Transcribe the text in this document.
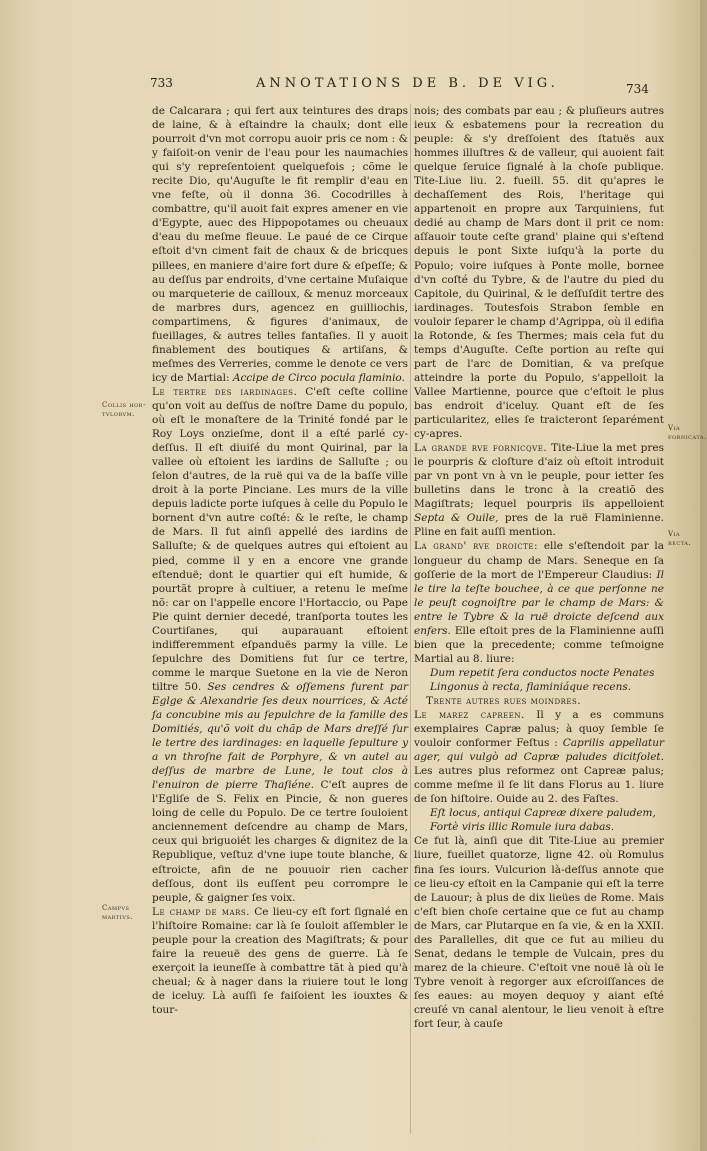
733	ANNOTATIONS DE B. DE VIG.	734
Collis hor-
tvlorvm.
Campvs
martivs.
Via fornicata.
Via recta.

de Calcarara ; qui fert aux teintures des draps de laine, & à eſtaindre la chaulx; dont elle pourroit d'vn mot corropu auoir pris ce nom : & y faiſoit-on venir de l'eau pour les naumachies qui s'y repreſentoient quelquefois ; cõme le recite Dio, qu'Auguſte le fit remplir d'eau en vne feſte, où il donna 36. Cocodrilles à combattre, qu'il auoit fait expres amener en vie d'Egypte, auec des Hippopotames ou cheuaux d'eau du meſme fleuue. Le paué de ce Cirque eſtoit d'vn ciment fait de chaux & de bricques pillees, en maniere d'aire fort dure & eſpeſſe; & au deſſus par endroits, d'vne certaine Muſaique ou marqueterie de cailloux, & menuz morceaux de marbres durs, agencez en guilliochis, compartimens, & figures d'animaux, de fueillages, & autres telles fantaſies. Il y auoit finablement des boutiques & artiſans, & meſmes des Verreries, comme le denote ce vers icy de Martial: Accipe de Circo pocula flaminio.

Le tertre des iardinages. C'eſt ceſte colline qu'on voit au deſſus de noſtre Dame du populo, où eſt le monaſtere de la Trinité fondé par le Roy Loys onzieſme, dont il a eſté parlé cy-deſſus. Il eſt diuiſé du mont Quirinal, par la vallee où eſtoient les iardins de Salluſte ; ou ſelon d'autres, de la ruë qui va de la baſſe ville droit à la porte Pinciane. Les murs de la ville depuis ladicte porte iuſques à celle du Populo le bornent d'vn autre coſté: & le reſte, le champ de Mars. Il fut ainſi appellé des iardins de Salluſte; & de quelques autres qui eſtoient au pied, comme il y en a encore vne grande eſtenduë; dont le quartier qui eſt humide, & pourtãt propre à cultiuer, a retenu le meſme nõ: car on l'appelle encore l'Hortaccio, ou Pape Pie quint dernier decedé, tranſporta toutes les Courtiſanes, qui auparauant eſtoient indifferemment eſpanduës parmy la ville. Le ſepulchre des Domitiens fut ſur ce tertre, comme le marque Suetone en la vie de Neron tiltre 50. Ses cendres & oſſemens furent par Eglge & Alexandrie ſes deux nourrices, & Acté ſa concubine mis au ſepulchre de la famille des Domitiés, qu'õ voit du chãp de Mars dreſſé ſur le tertre des iardinages: en laquelle ſepulture y a vn throſne fait de Porphyre, & vn autel au deſſus de marbre de Lune, le tout clos à l'enuiron de pierre Thaſiéne. C'eſt aupres de l'Egliſe de S. Felix en Pincie, & non gueres loing de celle du Populo. De ce tertre ſouloient anciennement deſcendre au champ de Mars, ceux qui briguoiét les charges & dignitez de la Republique, veſtuz d'vne iupe toute blanche, & eſtroicte, afin de ne pouuoir rien cacher deſſous, dont ils euſſent peu corrompre le peuple, & gaigner ſes voix.

Le champ de mars. Ce lieu-cy eſt fort ſignalé en l'hiſtoire Romaine: car là ſe ſouloit aſſembler le peuple pour la creation des Magiſtrats; & pour faire la reueuë des gens de guerre. Là ſe exerçoit la ieuneſſe à combattre tãt à pied qu'à cheual; & à nager dans la riuiere tout le long de iceluy. Là auſſi ſe faiſoient les iouxtes & tour-

nois; des combats par eau ; & pluſieurs autres ieux & esbatemens pour la recreation du peuple: & s'y dreſſoient des ſtatuës aux hommes illuſtres & de valleur, qui auoient fait quelque ſeruice ſignalé à la choſe publique. Tite-Liue liu. 2. fueill. 55. dit qu'apres le dechaſſement des Rois, l'heritage qui appartenoit en propre aux Tarquiniens, fut dedié au champ de Mars dont il prit ce nom: aſſauoir toute ceſte grand' plaine qui s'eſtend depuis le pont Sixte iuſqu'à la porte du Populo; voire iuſques à Ponte molle, bornee d'vn coſté du Tybre, & de l'autre du pied du Capitole, du Quirinal, & le deſſuſdit tertre des iardinages. Toutesfois Strabon ſemble en vouloir ſeparer le champ d'Agrippa, où il edifia la Rotonde, & ſes Thermes; mais cela fut du temps d'Auguſte. Ceſte portion au reſte qui part de l'arc de Domitian, & va preſque atteindre la porte du Populo, s'appelloit la Vallee Martienne, pource que c'eſtoit le plus bas endroit d'iceluy. Quant eſt de ſes particularitez, elles ſe traicteront ſeparément cy-apres.

La grande rve fornicqve. Tite-Liue la met pres le pourpris & cloſture d'aiz où eſtoit introduit par vn pont vn à vn le peuple, pour ietter ſes bulletins dans le tronc à la creatiõ des Magiſtrats; lequel pourpris ils appelloient Septa & Ouile, pres de la ruë Flaminienne. Pline en fait auſſi mention.

La grand' rve droicte: elle s'eſtendoit par la longueur du champ de Mars. Seneque en ſa goſſerie de la mort de l'Empereur Claudius: Il le tire la teſte bouchee, à ce que perſonne ne le peuſt cognoiſtre par le champ de Mars: & entre le Tybre & la ruë droicte deſcend aux enfers. Elle eſtoit pres de la Flaminienne auſſi bien que la precedente; comme teſmoigne Martial au 8. liure:

Dum repetit ſera conductos nocte Penates

Lingonus à recta, flaminiáque recens.

Trente autres rues moindres.

Le marez capreen. Il y a es communs exemplaires Capræ palus; à quoy ſemble ſe vouloir conformer Feſtus : Caprilis appellatur ager, qui vulgò ad Capræ paludes dicitſolet. Les autres plus reformez ont Capreæ palus; comme meſme il ſe lit dans Florus au 1. liure de ſon hiſtoire. Ouide au 2. des Faſtes.

Eſt locus, antiqui Capreæ dixere paludem,

Fortè viris illic Romule iura dabas.

Ce fut là, ainſi que dit Tite-Liue au premier liure, fueillet quatorze, ligne 42. où Romulus fina ſes iours. Vulcurion là-deſſus annote que ce lieu-cy eſtoit en la Campanie qui eſt la terre de Lauour; à plus de dix lieües de Rome. Mais c'eſt bien choſe certaine que ce fut au champ de Mars, car Plutarque en ſa vie, & en la XXII. des Parallelles, dit que ce fut au milieu du Senat, dedans le temple de Vulcain, pres du marez de la chieure. C'eſtoit vne nouë là où le Tybre venoit à regorger aux eſcroiſſances de ſes eaues: au moyen dequoy y aiant eſté creuſé vn canal alentour, le lieu venoit à eſtre fort ſeur, à cauſe
